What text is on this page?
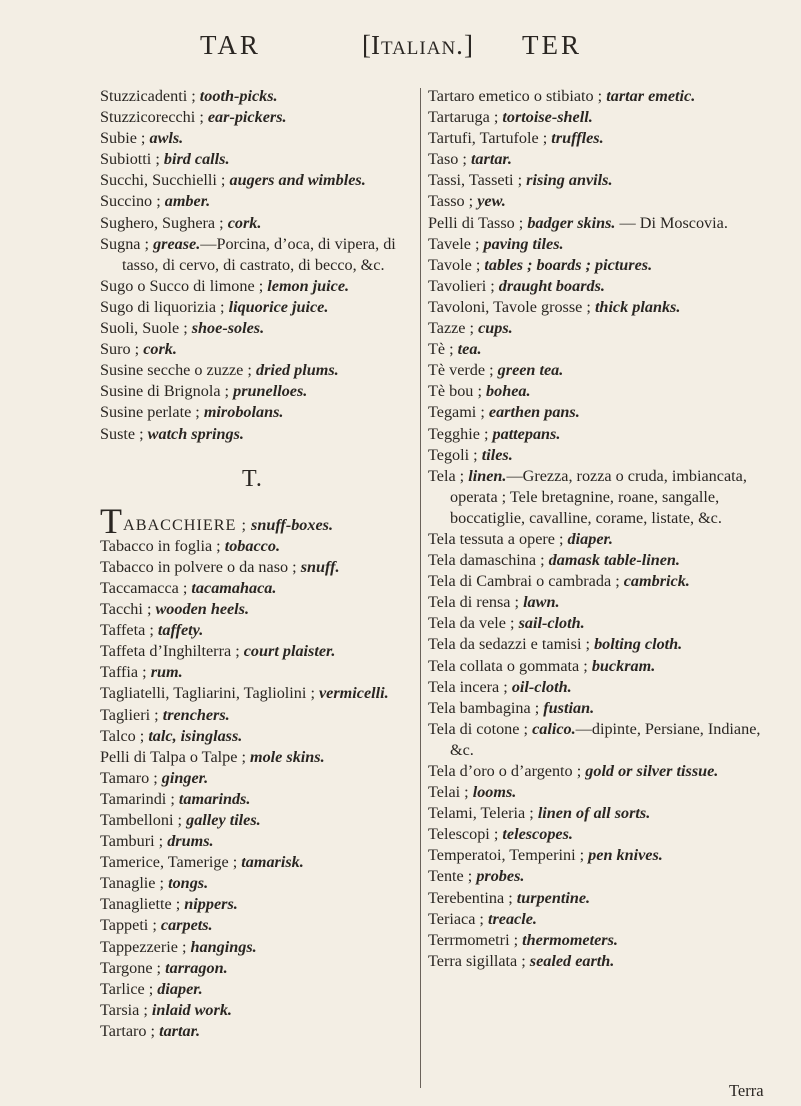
TAR	[Italian.] TER
Stuzzicadenti ; tooth-picks.
Stuzzicorecchi ; ear-pickers.
Subie ; awls.
Subiotti ; bird calls.
Succhi, Succhielli ; augers and wimbles.
Succino ; amber.
Sughero, Sughera ; cork.
Sugna ; grease.—Porcina, d’oca, di vipera, di tasso, di cervo, di castrato, di becco, &c.
Sugo o Succo di limone ; lemon juice.
Sugo di liquorizia ; liquorice juice.
Suoli, Suole ; shoe-soles.
Suro ; cork.
Susine secche o zuzze ; dried plums.
Susine di Brignola ; prunelloes.
Susine perlate ; mirobolans.
Suste ; watch springs.
T.
TABACCHIERE ; snuff-boxes.
Tabacco in foglia ; tobacco.
Tabacco in polvere o da naso ; snuff.
Taccamacca ; tacamahaca.
Tacchi ; wooden heels.
Taffeta ; taffety.
Taffeta d’Inghilterra ; court plaister.
Taffia ; rum.
Tagliatelli, Tagliarini, Tagliolini ; vermicelli.
Taglieri ; trenchers.
Talco ; talc, isinglass.
Pelli di Talpa o Talpe ; mole skins.
Tamaro ; ginger.
Tamarindi ; tamarinds.
Tambelloni ; galley tiles.
Tamburi ; drums.
Tamerice, Tamerige ; tamarisk.
Tanaglie ; tongs.
Tanagliette ; nippers.
Tappeti ; carpets.
Tappezzerie ; hangings.
Targone ; tarragon.
Tarlice ; diaper.
Tarsia ; inlaid work.
Tartaro ; tartar.
Tartaro emetico o stibiato ; tartar emetic.
Tartaruga ; tortoise-shell.
Tartufi, Tartufole ; truffles.
Taso ; tartar.
Tassi, Tasseti ; rising anvils.
Tasso ; yew.
Pelli di Tasso ; badger skins. — Di Moscovia.
Tavele ; paving tiles.
Tavole ; tables ; boards ; pictures.
Tavolieri ; draught boards.
Tavoloni, Tavole grosse ; thick planks.
Tazze ; cups.
Tè ; tea.
Tè verde ; green tea.
Tè bou ; bohea.
Tegami ; earthen pans.
Tegghie ; pattepans.
Tegoli ; tiles.
Tela ; linen.—Grezza, rozza o cruda, imbiancata, operata ; Tele bretagnine, roane, sangalle, boccatiglie, cavalline, corame, listate, &c.
Tela tessuta a opere ; diaper.
Tela damaschina ; damask table-linen.
Tela di Cambrai o cambrada ; cambrick.
Tela di rensa ; lawn.
Tela da vele ; sail-cloth.
Tela da sedazzi e tamisi ; bolting cloth.
Tela collata o gommata ; buckram.
Tela incera ; oil-cloth.
Tela bambagina ; fustian.
Tela di cotone ; calico.—dipinte, Persiane, Indiane, &c.
Tela d’oro o d’argento ; gold or silver tissue.
Telai ; looms.
Telami, Teleria ; linen of all sorts.
Telescopi ; telescopes.
Temperatoi, Temperini ; pen knives.
Tente ; probes.
Terebentina ; turpentine.
Teriaca ; treacle.
Terrmometri ; thermometers.
Terra sigillata ; sealed earth.
Terra
